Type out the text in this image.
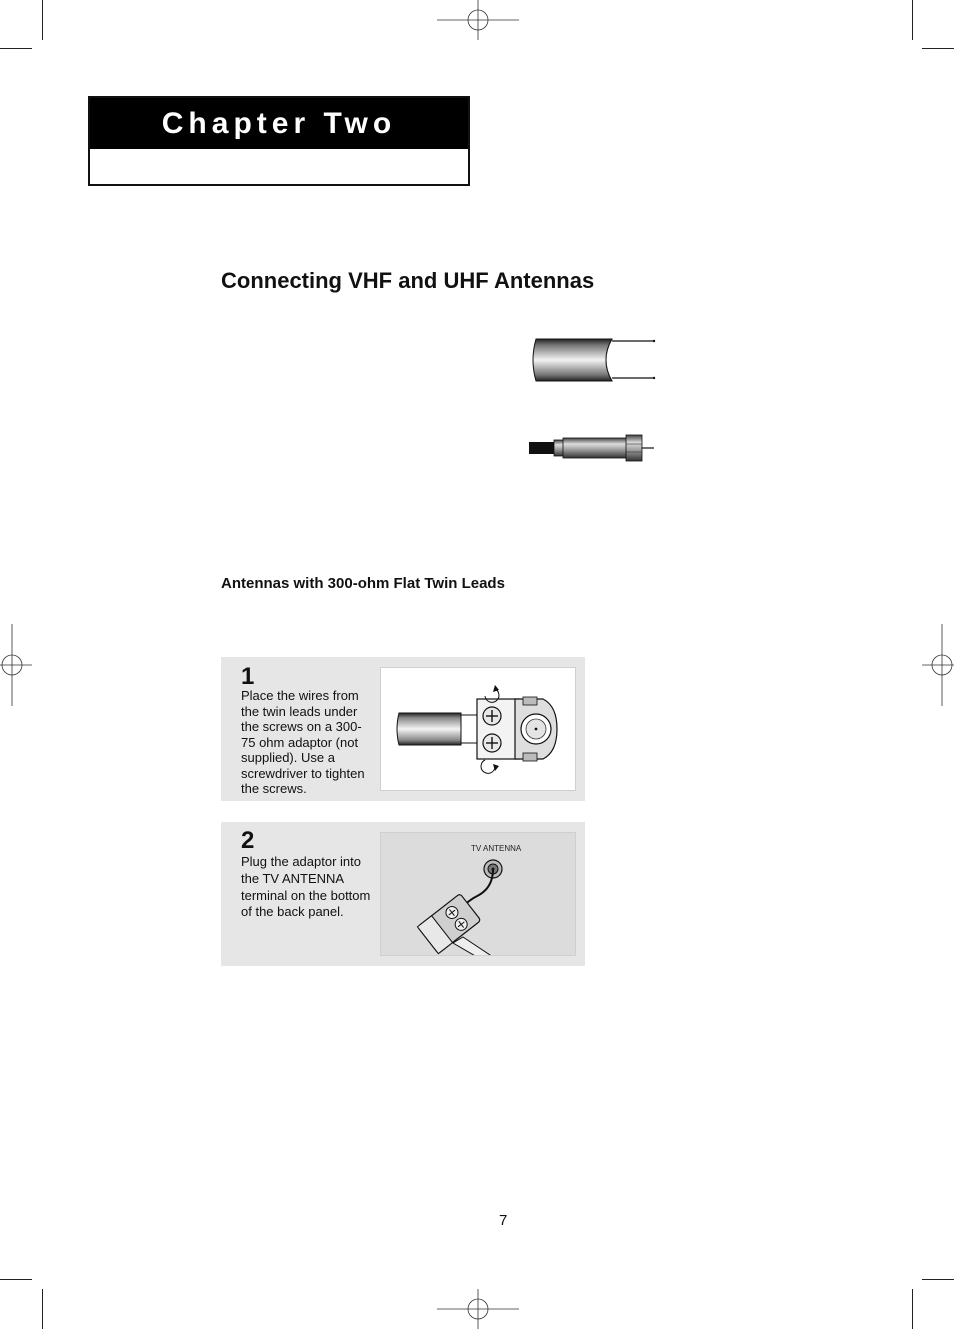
Chapter Two
Connecting VHF and UHF Antennas
Antennas with 300-ohm Flat Twin Leads
1
Place the wires from the twin leads under the screws on a 300-75 ohm adaptor (not supplied). Use a screwdriver to tighten the screws.
2
Plug the adaptor into the TV ANTENNA terminal on the bottom of the back panel.
TV ANTENNA
7
